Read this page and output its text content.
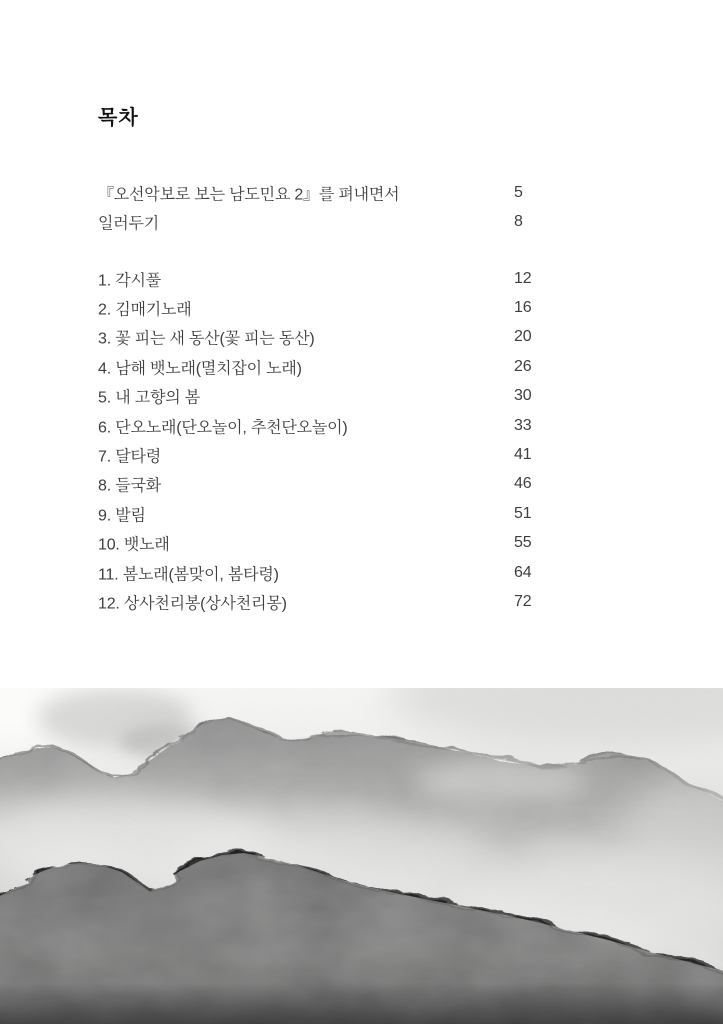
목차
『오선악보로 보는 남도민요 2』를 펴내면서	5
일러두기	8
1. 각시풀	12
2. 김매기노래	16
3. 꽃 피는 새 동산(꽃 피는 동산)	20
4. 남해 뱃노래(멸치잡이 노래)	26
5. 내 고향의 봄	30
6. 단오노래(단오놀이, 추천단오놀이)	33
7. 달타령	41
8. 들국화	46
9. 발림	51
10. 뱃노래	55
11. 봄노래(봄맞이, 봄타령)	64
12. 상사천리봉(상사천리몽)	72
